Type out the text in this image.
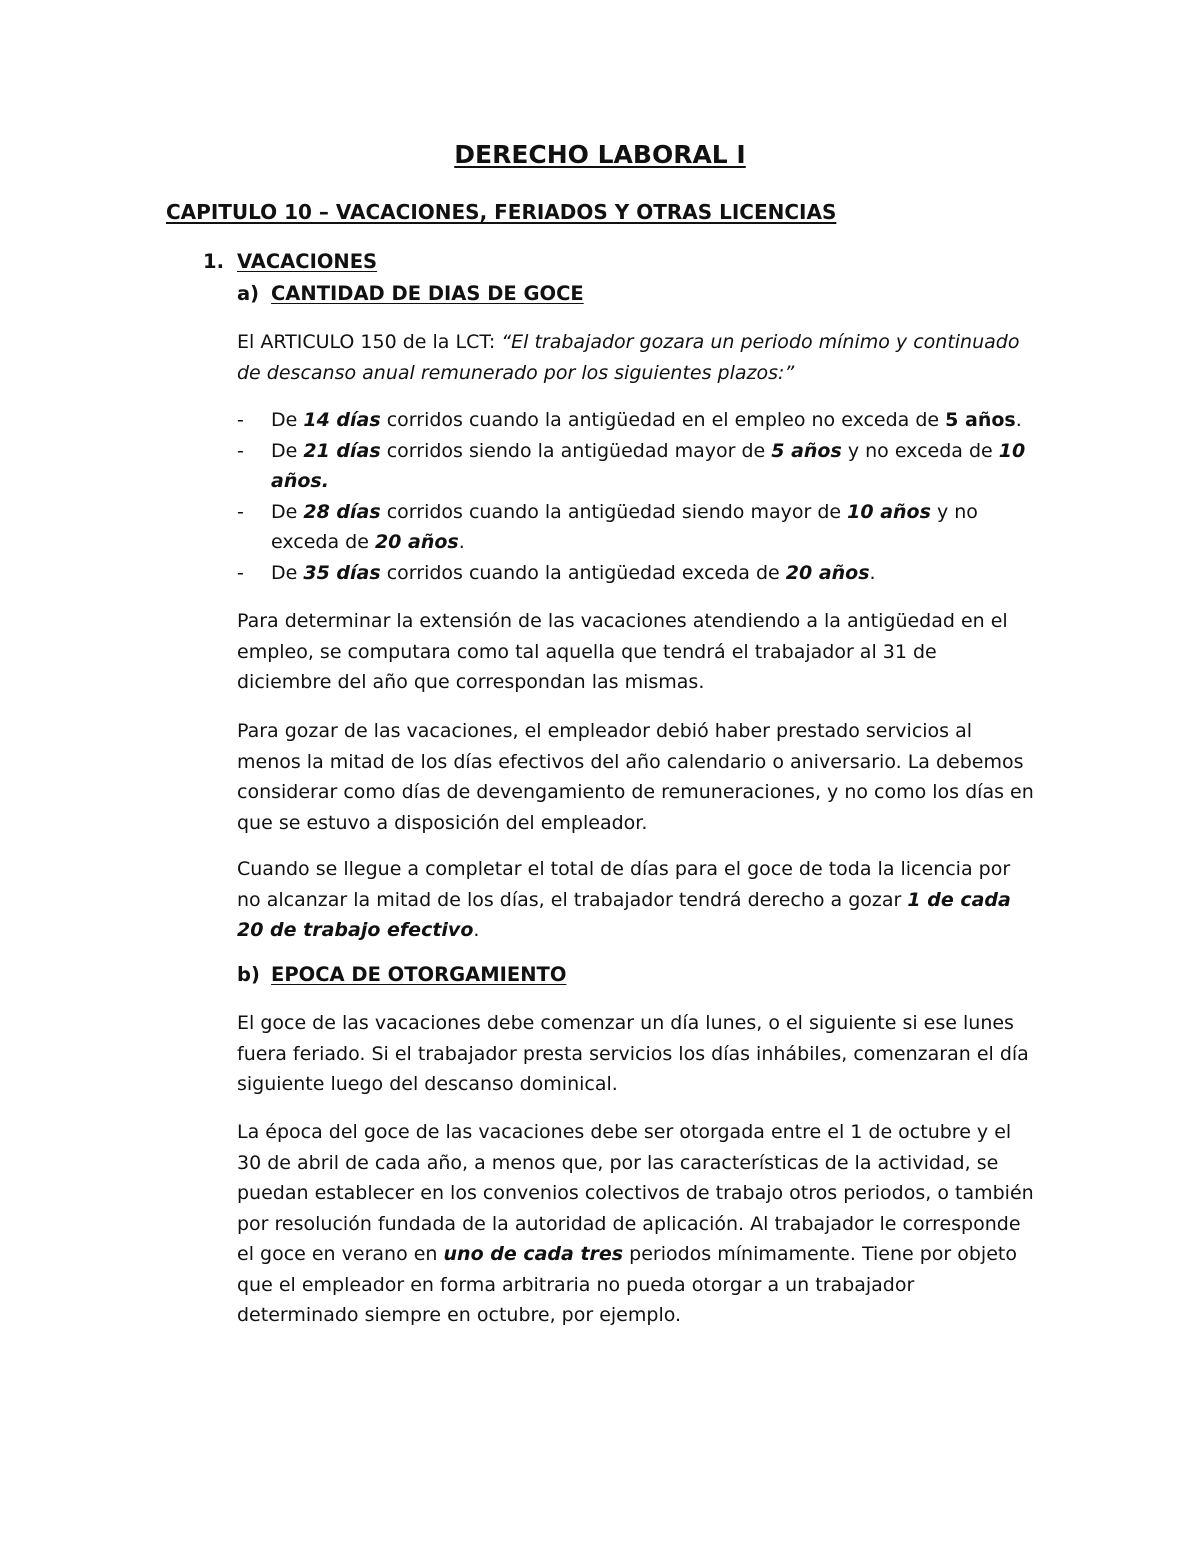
DERECHO LABORAL I
CAPITULO 10 – VACACIONES, FERIADOS Y OTRAS LICENCIAS
1. VACACIONES
a) CANTIDAD DE DIAS DE GOCE

El ARTICULO 150 de la LCT: “El trabajador gozara un periodo mínimo y continuado de descanso anual remunerado por los siguientes plazos:”

- De 14 días corridos cuando la antigüedad en el empleo no exceda de 5 años.
- De 21 días corridos siendo la antigüedad mayor de 5 años y no exceda de 10 años.
- De 28 días corridos cuando la antigüedad siendo mayor de 10 años y no exceda de 20 años.
- De 35 días corridos cuando la antigüedad exceda de 20 años.

Para determinar la extensión de las vacaciones atendiendo a la antigüedad en el empleo, se computara como tal aquella que tendrá el trabajador al 31 de diciembre del año que correspondan las mismas.

Para gozar de las vacaciones, el empleador debió haber prestado servicios al menos la mitad de los días efectivos del año calendario o aniversario. La debemos considerar como días de devengamiento de remuneraciones, y no como los días en que se estuvo a disposición del empleador.

Cuando se llegue a completar el total de días para el goce de toda la licencia por no alcanzar la mitad de los días, el trabajador tendrá derecho a gozar 1 de cada 20 de trabajo efectivo.

b) EPOCA DE OTORGAMIENTO

El goce de las vacaciones debe comenzar un día lunes, o el siguiente si ese lunes fuera feriado. Si el trabajador presta servicios los días inhábiles, comenzaran el día siguiente luego del descanso dominical.

La época del goce de las vacaciones debe ser otorgada entre el 1 de octubre y el 30 de abril de cada año, a menos que, por las características de la actividad, se puedan establecer en los convenios colectivos de trabajo otros periodos, o también por resolución fundada de la autoridad de aplicación. Al trabajador le corresponde el goce en verano en uno de cada tres periodos mínimamente. Tiene por objeto que el empleador en forma arbitraria no pueda otorgar a un trabajador determinado siempre en octubre, por ejemplo.
